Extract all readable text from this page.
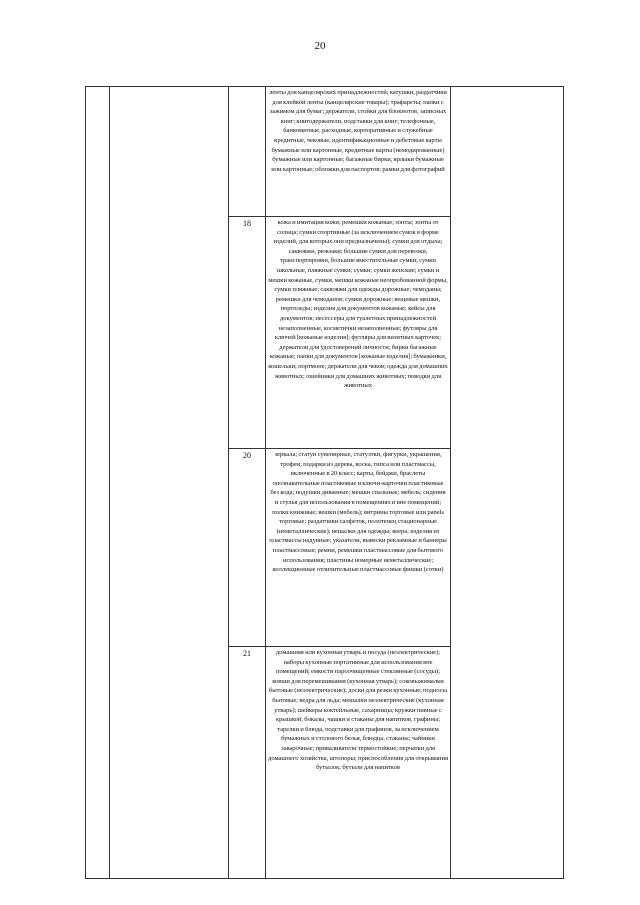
20
			ленты для канцелярских принадлежностей; катушки, раздатчики для клейкой ленты (канцелярские товары); трафареты; папки с зажимом для бумаг; держатели, стойки для блокнотов, записных книг; книгодержатели, подставки для книг; телефонные, банкоматные, расходные, корпоративные и служебные кредитные, чековые, идентификационные и дебетовые карты бумажные или картонные, кредитные карты (немодированные) бумажные или картонные; багажные бирки, ярлыки бумажные или картонные; обложки для паспортов; рамки для фотографий	
		18	кожа и имитация кожи; ремешки кожаные; зонты; зонты от солнца; сумки спортивные (за исключением сумок в форме изделий, для которых они предназначены); сумки для отдыха; саквояжи, рюкзаки; большие сумки для перевозки, транспортировки, большие вместительные сумки; сумки школьные, пляжные сумки; сумки; сумки женские; сумки и мешки кожаные, сумки, мешки кожаные неопробованной формы, сумки пляжные; саквояжи для одежды дорожные; чемоданы; ремешки для чемоданов; сумки дорожные; вещевые мешки, портпледы; изделия для документов кожаные; кейсы для документов; несессеры для туалетных принадлежностей незаполненные, косметички незаполненные; футляры для ключей [кожаные изделия]; футляры для визитных карточек; держатели для удостоверений личности; бирки багажные кожаные; папки для документов [кожаные изделия]; бумажники, кошельки; портмоне; держатели для чеков; одежда для домашних животных; ошейники для домашних животных; поводки для животных	
		20	зеркала; статуи сувенирные, статуэтки, фигурки, украшения, трофеи, подарки из дерева, воска, гипса или пластмассы, включенные в 20 класс; карты, бейджи, браслеты опознавательные пластиковые и ключи-карточки пластиковые без кода; подушки диванные; мешки спальные; мебель; сидения и стулья для использования в помещениях и вне помещений; полки книжные; вешки (мебель); витрины торговые или panels торговые; раздатчики салфеток, полотенец стационарные (неметаллические); вешалки для одежды; веера; изделия из пластмассы надувные; указатели, вывески рекламные и баннеры пластмассовые; ремни, ремешки пластмассовые для бытового использования; пластины номерные неметаллические; коллекционные отличительные пластмассовые фишки (сотки)	
		21	домашняя или кухонная утварь и посуда (неэлектрические); наборы кухонные портативные для использования вне помещений; емкости пароочищенные стеклянные (сосуды); ковши для перемешивания (кухонная утварь); соковыжималки бытовые (неэлектрические); доски для резки кухонные; подносы бытовые; ведра для льда; мешалки неэлектрические (кухонная утварь); шейкеры коктейльные, сахарницы; кружки пивные с крышкой, бокалы, чашки и стаканы для напитков, графины; тарелки и блюда, подставки для графинов, за исключением бумажных и столового белья, блюдца, стаканы; чайники заварочные; приваливатели термостойкие; перчатки для домашнего хозяйства, штопоры; приспособления для открывания бутылок; бутыли для напитков	
